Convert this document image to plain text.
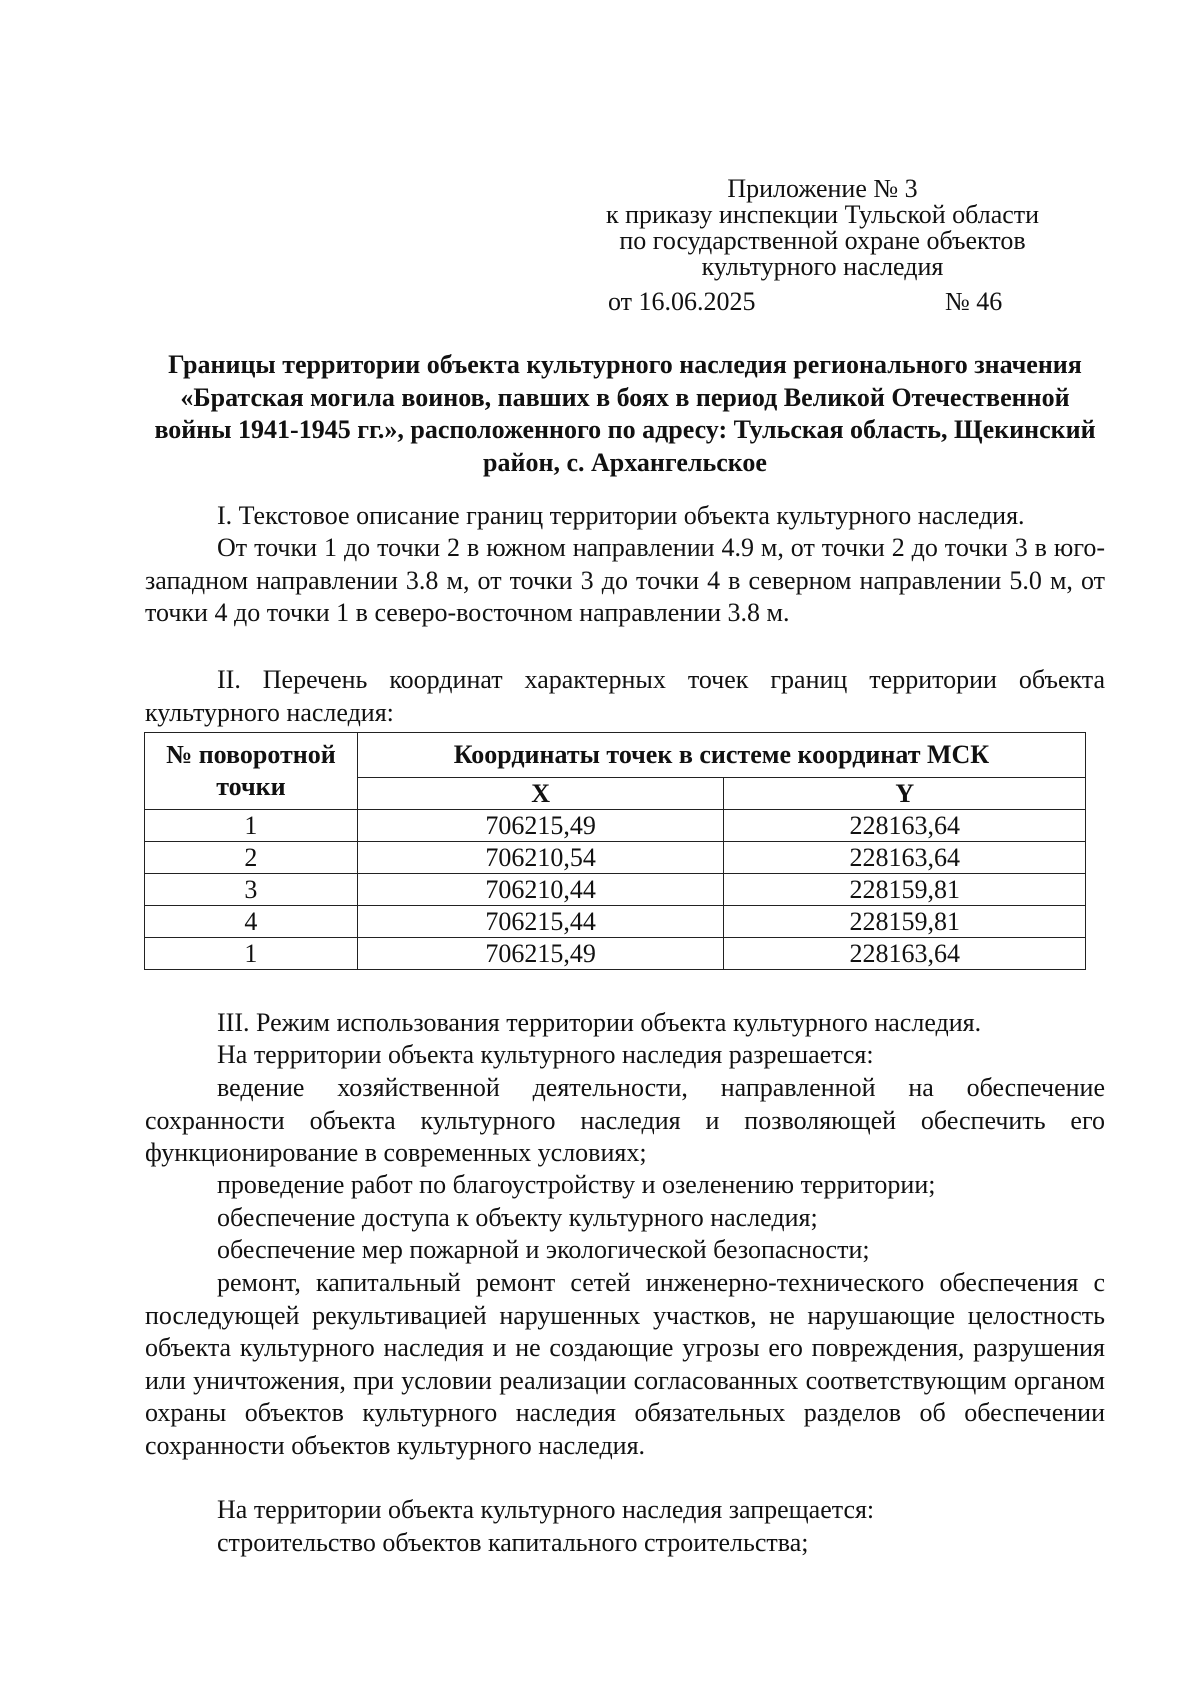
Приложение № 3
к приказу инспекции Тульской области
по государственной охране объектов
культурного наследия
от 16.06.2025	№ 46
Границы территории объекта культурного наследия регионального значения «Братская могила воинов, павших в боях в период Великой Отечественной войны 1941-1945 гг.», расположенного по адресу: Тульская область, Щекинский район, с. Архангельское

I. Текстовое описание границ территории объекта культурного наследия.

От точки 1 до точки 2 в южном направлении 4.9 м, от точки 2 до точки 3 в юго-западном направлении 3.8 м, от точки 3 до точки 4 в северном направлении 5.0 м, от точки 4 до точки 1 в северо-восточном направлении 3.8 м.

II. Перечень координат характерных точек границ территории объекта культурного наследия:

№ поворотной точки	Координаты точек в системе координат МСК	
	X	Y
1	706215,49	228163,64
2	706210,54	228163,64
3	706210,44	228159,81
4	706215,44	228159,81
1	706215,49	228163,64

III. Режим использования территории объекта культурного наследия.

На территории объекта культурного наследия разрешается:

ведение хозяйственной деятельности, направленной на обеспечение сохранности объекта культурного наследия и позволяющей обеспечить его функционирование в современных условиях;

проведение работ по благоустройству и озеленению территории;

обеспечение доступа к объекту культурного наследия;

обеспечение мер пожарной и экологической безопасности;

ремонт, капитальный ремонт сетей инженерно-технического обеспечения с последующей рекультивацией нарушенных участков, не нарушающие целостность объекта культурного наследия и не создающие угрозы его повреждения, разрушения или уничтожения, при условии реализации согласованных соответствующим органом охраны объектов культурного наследия обязательных разделов об обеспечении сохранности объектов культурного наследия.

На территории объекта культурного наследия запрещается:

строительство объектов капитального строительства;
